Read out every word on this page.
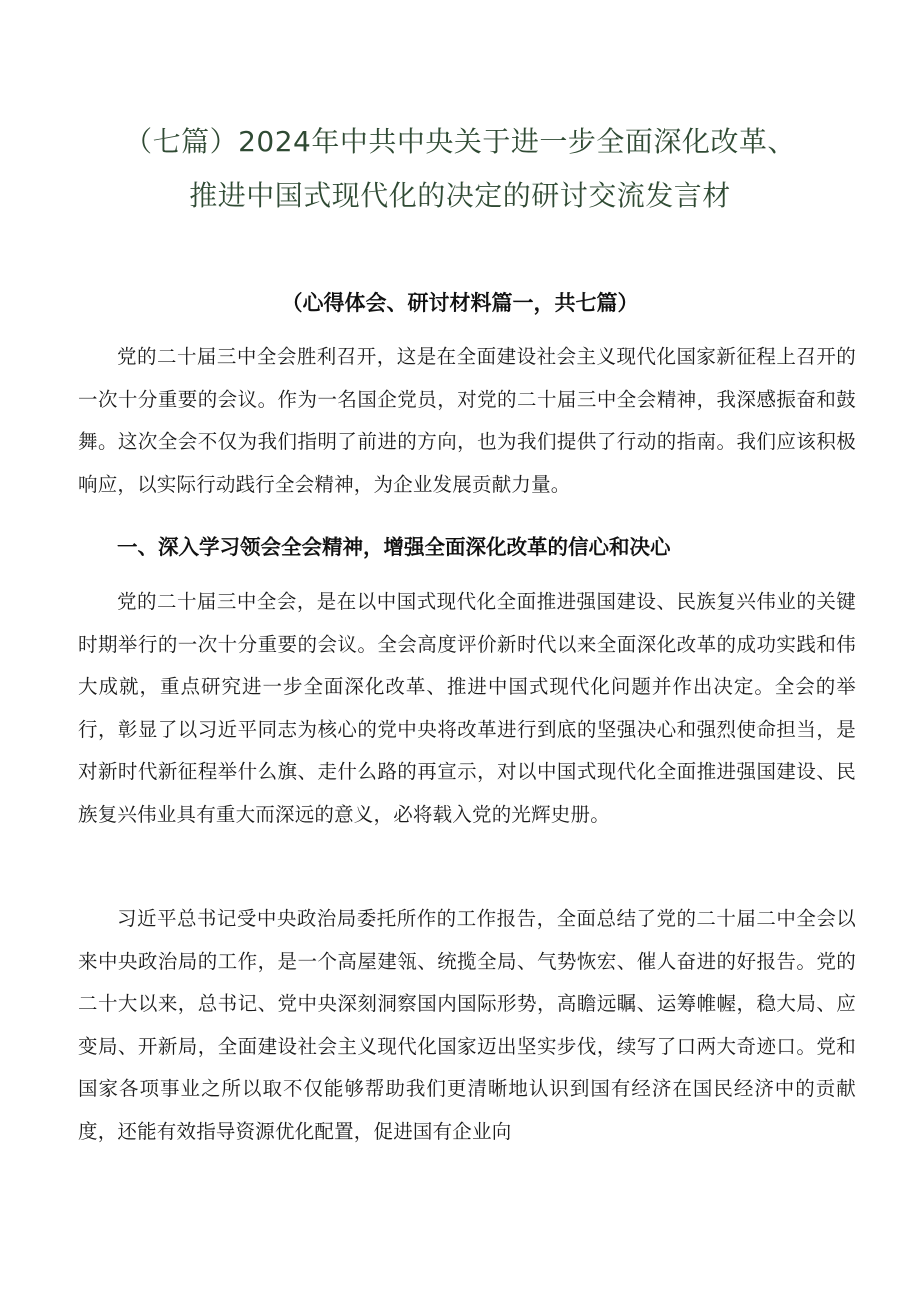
（七篇）2024年中共中央关于进一步全面深化改革、
推进中国式现代化的决定的研讨交流发言材
（心得体会、研讨材料篇一，共七篇）

党的二十届三中全会胜利召开，这是在全面建设社会主义现代化国家新征程上召开的一次十分重要的会议。作为一名国企党员，对党的二十届三中全会精神，我深感振奋和鼓舞。这次全会不仅为我们指明了前进的方向，也为我们提供了行动的指南。我们应该积极响应，以实际行动践行全会精神，为企业发展贡献力量。

一、深入学习领会全会精神，增强全面深化改革的信心和决心

党的二十届三中全会，是在以中国式现代化全面推进强国建设、民族复兴伟业的关键时期举行的一次十分重要的会议。全会高度评价新时代以来全面深化改革的成功实践和伟大成就，重点研究进一步全面深化改革、推进中国式现代化问题并作出决定。全会的举行，彰显了以习近平同志为核心的党中央将改革进行到底的坚强决心和强烈使命担当，是对新时代新征程举什么旗、走什么路的再宣示，对以中国式现代化全面推进强国建设、民族复兴伟业具有重大而深远的意义，必将载入党的光辉史册。

习近平总书记受中央政治局委托所作的工作报告，全面总结了党的二十届二中全会以来中央政治局的工作，是一个高屋建瓴、统揽全局、气势恢宏、催人奋进的好报告。党的二十大以来，总书记、党中央深刻洞察国内国际形势，高瞻远瞩、运筹帷幄，稳大局、应变局、开新局，全面建设社会主义现代化国家迈出坚实步伐，续写了口两大奇迹口。党和国家各项事业之所以取不仅能够帮助我们更清晰地认识到国有经济在国民经济中的贡献度，还能有效指导资源优化配置，促进国有企业向
